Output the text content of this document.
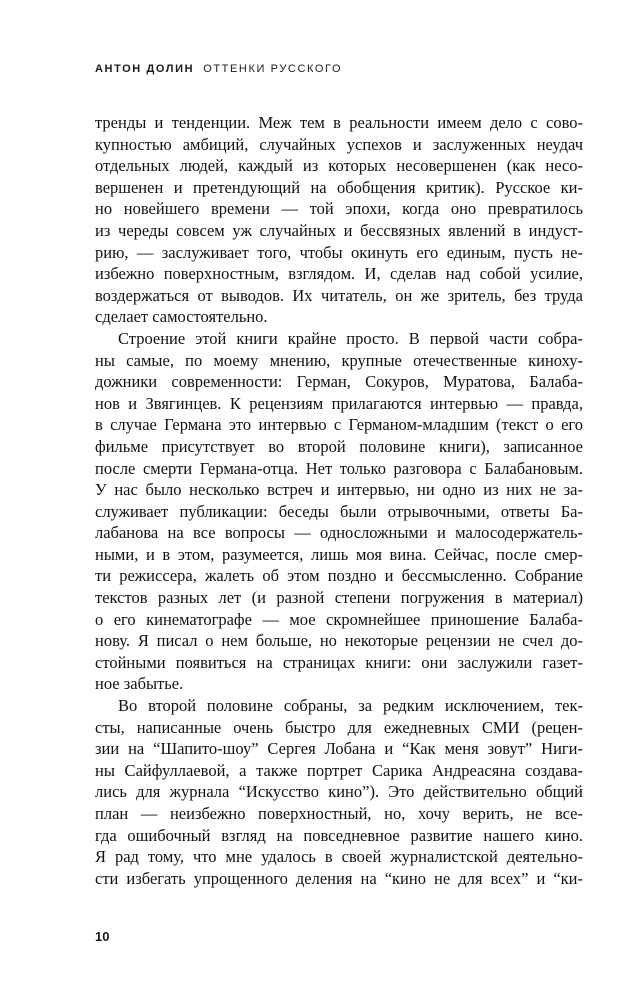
АНТОН ДОЛИН ОТТЕНКИ РУССКОГО
тренды и тенденции. Меж тем в реальности имеем дело с сово-
купностью амбиций, случайных успехов и заслуженных неудач
отдельных людей, каждый из которых несовершенен (как несо-
вершенен и претендующий на обобщения критик). Русское ки-
но новейшего времени — той эпохи, когда оно превратилось
из череды совсем уж случайных и бессвязных явлений в индуст-
рию, — заслуживает того, чтобы окинуть его единым, пусть не-
избежно поверхностным, взглядом. И, сделав над собой усилие,
воздержаться от выводов. Их читатель, он же зритель, без труда
сделает самостоятельно.
Строение этой книги крайне просто. В первой части собра-
ны самые, по моему мнению, крупные отечественные киноху-
дожники современности: Герман, Сокуров, Муратова, Балаба-
нов и Звягинцев. К рецензиям прилагаются интервью — правда,
в случае Германа это интервью с Германом-младшим (текст о его
фильме присутствует во второй половине книги), записанное
после смерти Германа-отца. Нет только разговора с Балабановым.
У нас было несколько встреч и интервью, ни одно из них не за-
служивает публикации: беседы были отрывочными, ответы Ба-
лабанова на все вопросы — односложными и малосодержатель-
ными, и в этом, разумеется, лишь моя вина. Сейчас, после смер-
ти режиссера, жалеть об этом поздно и бессмысленно. Собрание
текстов разных лет (и разной степени погружения в материал)
о его кинематографе — мое скромнейшее приношение Балаба-
нову. Я писал о нем больше, но некоторые рецензии не счел до-
стойными появиться на страницах книги: они заслужили газет-
ное забытье.
Во второй половине собраны, за редким исключением, тек-
сты, написанные очень быстро для ежедневных СМИ (рецен-
зии на “Шапито-шоу” Сергея Лобана и “Как меня зовут” Ниги-
ны Сайфуллаевой, а также портрет Сарика Андреасяна создава-
лись для журнала “Искусство кино”). Это действительно общий
план — неизбежно поверхностный, но, хочу верить, не все-
гда ошибочный взгляд на повседневное развитие нашего кино.
Я рад тому, что мне удалось в своей журналистской деятельно-
сти избегать упрощенного деления на “кино не для всех” и “ки-
10
